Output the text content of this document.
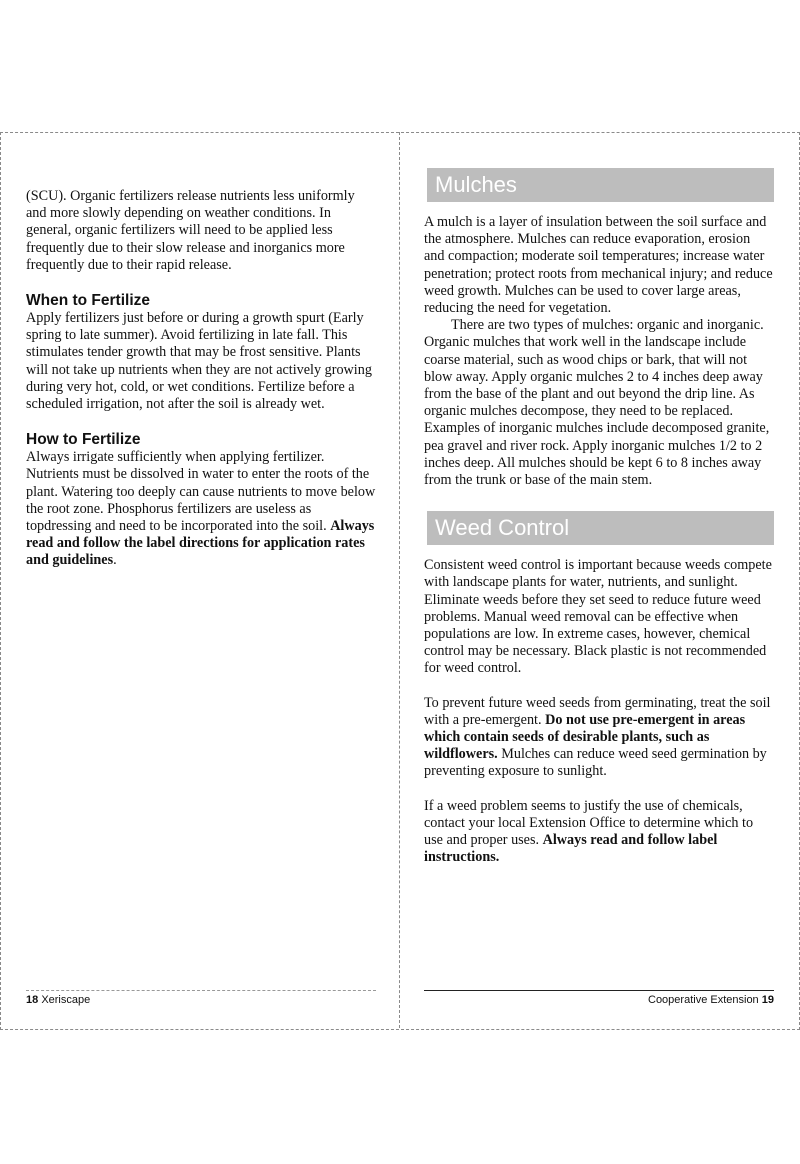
(SCU). Organic fertilizers release nutrients less uniformly and more slowly depending on weather conditions. In general, organic fertilizers will need to be applied less frequently due to their slow release and inorganics more frequently due to their rapid release.

When to Fertilize

Apply fertilizers just before or during a growth spurt (Early spring to late summer). Avoid fertilizing in late fall. This stimulates tender growth that may be frost sensitive. Plants will not take up nutrients when they are not actively growing     during very hot, cold, or wet conditions. Fertilize before a scheduled irrigation, not after the soil is already wet.

How to Fertilize

Always irrigate sufficiently when applying fertilizer. Nutrients must be dissolved in water to enter the roots of the plant. Watering too deeply can cause nutrients to move below the root zone. Phosphorus fertilizers are useless as topdressing and need to be incorporated into the soil. Always read and follow the label directions for application rates and guidelines.

Mulches

A mulch is a layer of insulation between the soil surface and the atmosphere. Mulches can reduce evaporation, erosion and compaction; moderate soil temperatures; increase water penetration; protect roots from mechanical injury; and reduce weed growth. Mulches can be used to cover large areas, reducing the need for vegetation.

There are two types of mulches: organic and inorganic. Organic mulches that work well in the landscape include coarse material, such as wood chips or bark, that will not blow away. Apply organic mulches 2 to 4 inches deep away from the base of the plant and out beyond the drip line. As organic mulches decompose, they need to be replaced. Examples of inorganic mulches include decomposed granite, pea gravel and river rock. Apply inorganic mulches 1/2 to 2 inches deep. All mulches should be kept 6 to 8 inches away from the trunk or base of the main stem.

Weed Control

Consistent weed control is important because weeds compete with landscape plants for water, nutrients, and sunlight. Eliminate weeds before they set seed to reduce future weed problems. Manual weed removal can be effective when populations are low. In extreme cases, however, chemical control may be necessary. Black plastic is not recommended for weed control.

To prevent future weed seeds from germinating, treat the soil with a pre-emergent. Do not use pre-emergent in areas which contain seeds of desirable plants, such as wildflowers. Mulches can reduce weed seed germination by preventing exposure to sunlight.

If a weed problem seems to justify the use of chemicals, contact your local Extension Office to determine which to use and proper uses. Always read and follow label instructions.

18 Xeriscape	Cooperative Extension 19
